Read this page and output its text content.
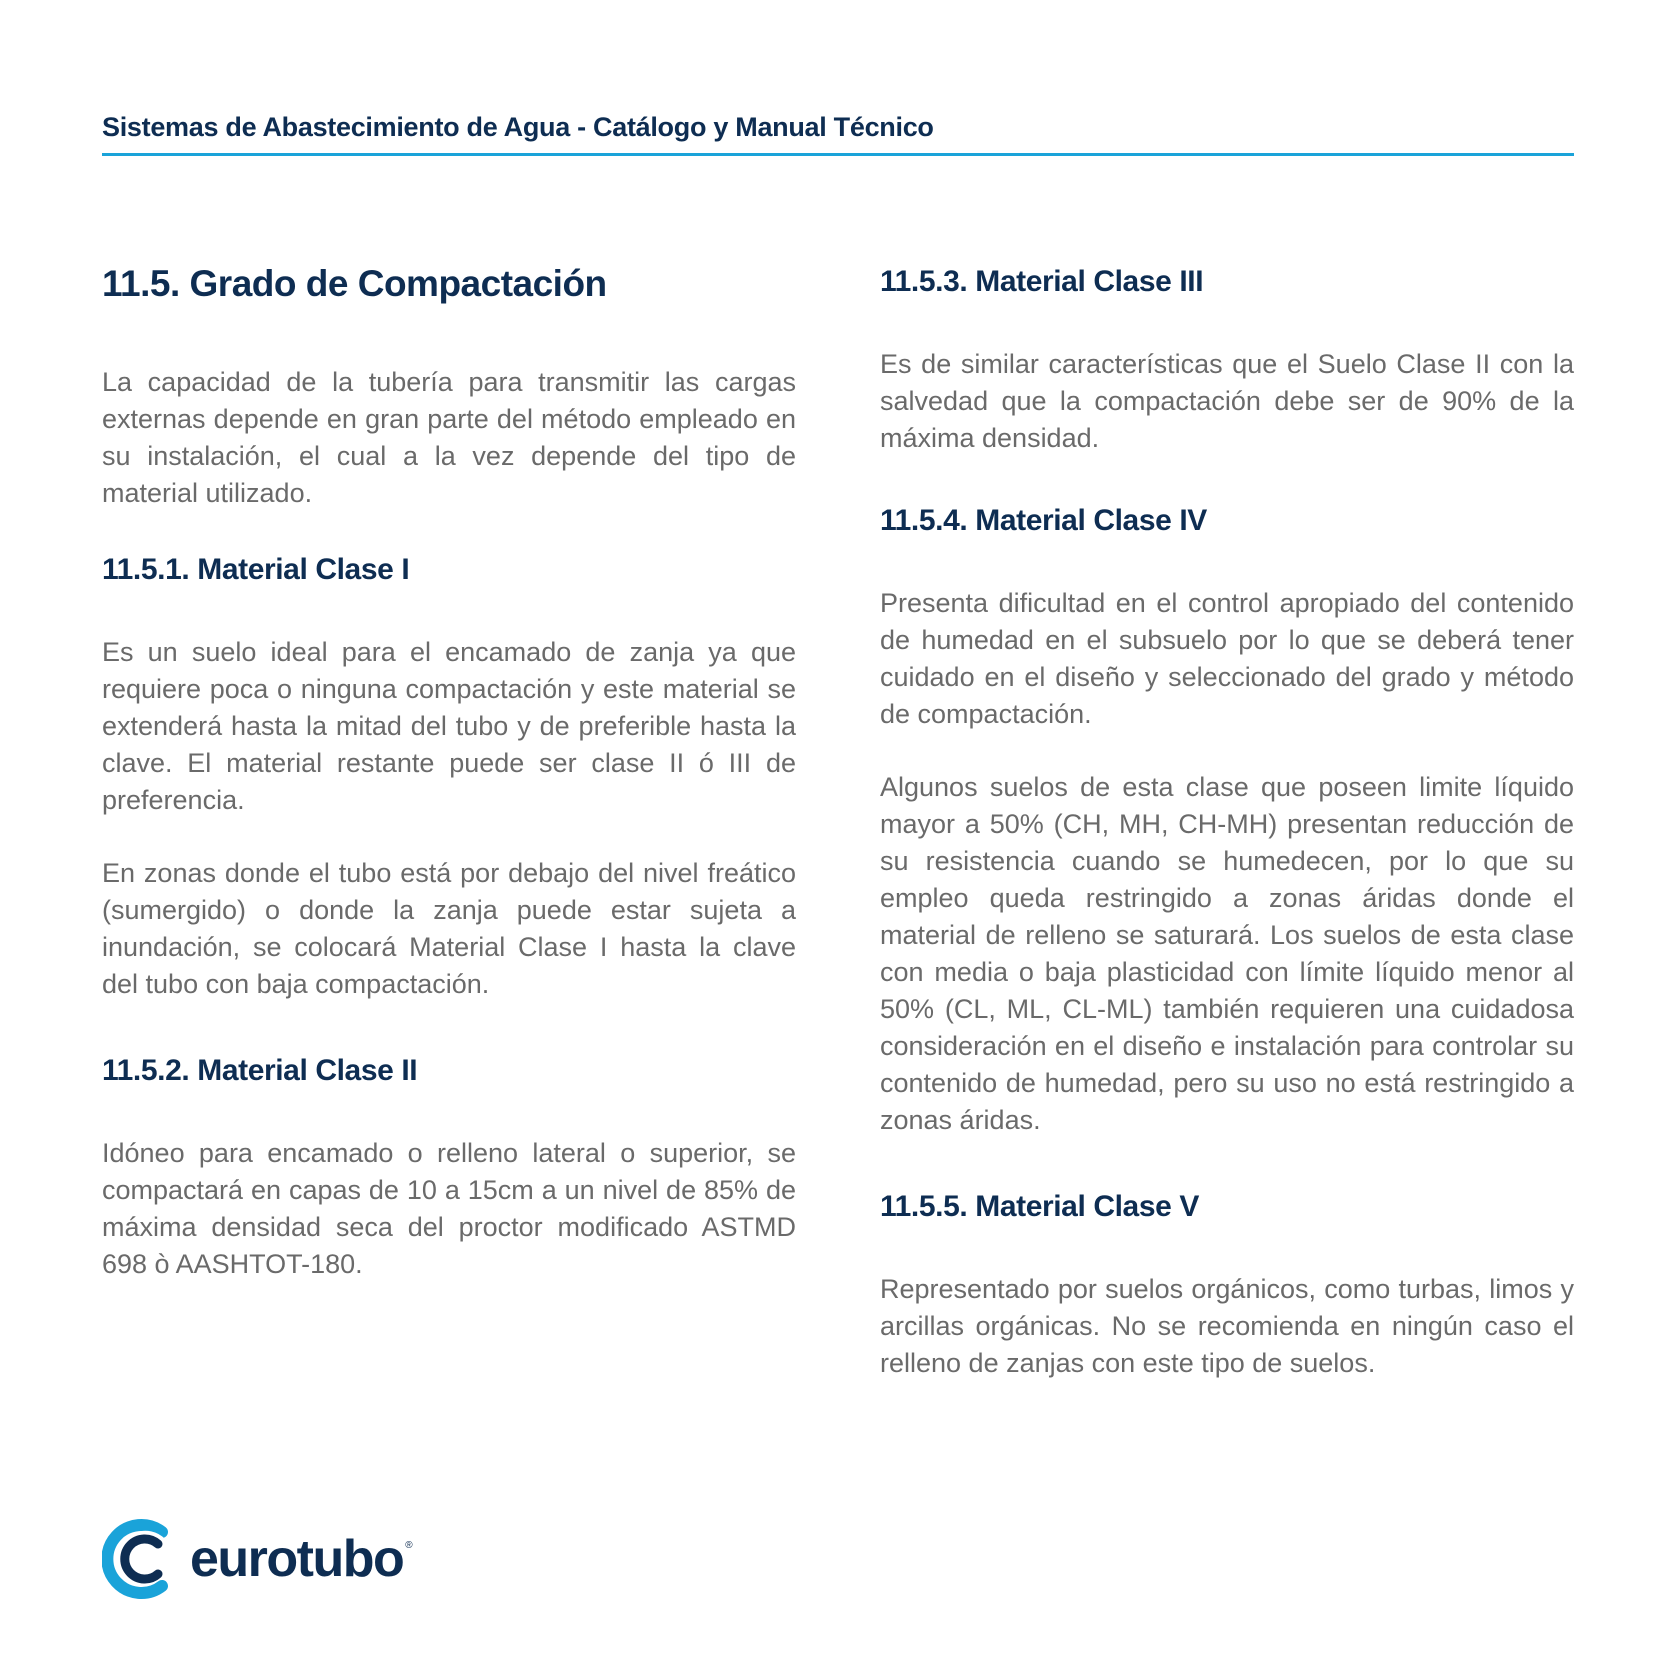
Sistemas de Abastecimiento de Agua - Catálogo y Manual Técnico
11.5. Grado de Compactación

La capacidad de la tubería para transmitir las cargas externas depende en gran parte del método empleado en su instalación, el cual a la vez depende del tipo de material utilizado.

11.5.1. Material Clase I

Es un suelo ideal para el encamado de zanja ya que requiere poca o ninguna compactación y este material se extenderá hasta la mitad del tubo y de preferible hasta la clave. El material restante puede ser clase II ó III de preferencia.

En zonas donde el tubo está por debajo del nivel freático (sumergido) o donde la zanja puede estar sujeta a inundación, se colocará Material Clase I hasta la clave del tubo con baja compactación.

11.5.2. Material Clase II

Idóneo para encamado o relleno lateral o superior, se compactará en capas de 10 a 15cm a un nivel de 85% de máxima densidad seca del proctor modificado ASTMD 698 ò AASHTOT-180.

11.5.3. Material Clase III

Es de similar características que el Suelo Clase II con la salvedad que la compactación debe ser de 90% de la máxima densidad.

11.5.4. Material Clase IV

Presenta dificultad en el control apropiado del contenido de humedad en el subsuelo por lo que se deberá tener cuidado en el diseño y seleccionado del grado y método de compactación.

Algunos suelos de esta clase que poseen limite líquido mayor a 50% (CH, MH, CH-MH) presentan reducción de su resistencia cuando se humedecen, por lo que su empleo queda restringido a zonas áridas donde el material de relleno se saturará. Los suelos de esta clase con media o baja plasticidad con límite líquido menor al 50% (CL, ML, CL-ML) también requieren una cuidadosa consideración en el diseño e instalación para controlar su contenido de humedad, pero su uso no está restringido a zonas áridas.

11.5.5. Material Clase V

Representado por suelos orgánicos, como turbas, limos y arcillas orgánicas. No se recomienda en ningún caso el relleno de zanjas con este tipo de suelos.

eurotubo ®
